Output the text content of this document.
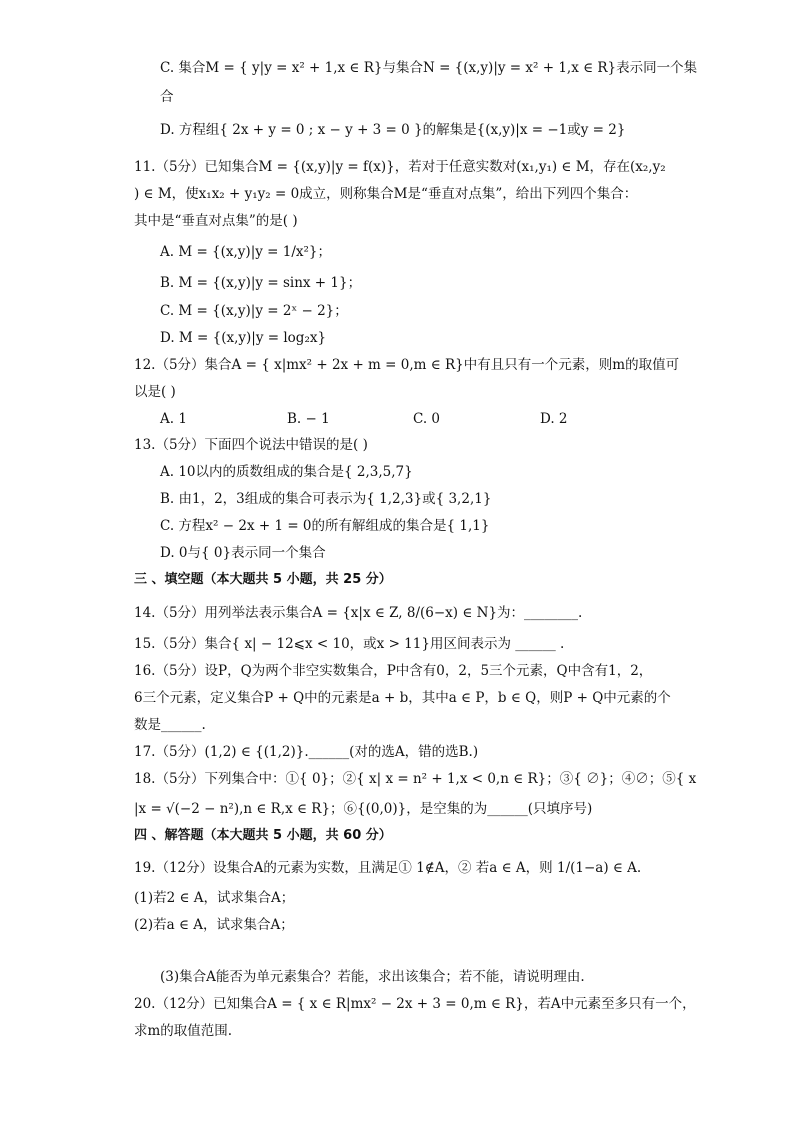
C. 集合M = { y|y = x² + 1,x ∈ R}与集合N = {(x,y)|y = x² + 1,x ∈ R}表示同一个集
合
D. 方程组{ 2x + y = 0 ; x − y + 3 = 0 }的解集是{(x,y)|x = −1或y = 2}
11.（5分）已知集合M = {(x,y)|y = f(x)}，若对于任意实数对(x₁,y₁) ∈ M，存在(x₂,y₂
) ∈ M，使x₁x₂ + y₁y₂ = 0成立，则称集合M是“垂直对点集”，给出下列四个集合：
其中是“垂直对点集”的是( )
A. M = {(x,y)|y = 1/x²}；
B. M = {(x,y)|y = sinx + 1}；
C. M = {(x,y)|y = 2ˣ − 2}；
D. M = {(x,y)|y = log₂x}
12.（5分）集合A = { x|mx² + 2x + m = 0,m ∈ R}中有且只有一个元素，则m的取值可
以是( )
13.（5分）下面四个说法中错误的是( )
A. 10以内的质数组成的集合是{ 2,3,5,7}
B. 由1，2，3组成的集合可表示为{ 1,2,3}或{ 3,2,1}
C. 方程x² − 2x + 1 = 0的所有解组成的集合是{ 1,1}
D. 0与{ 0}表示同一个集合
14.（5分）用列举法表示集合A = {x|x ∈ Z, 8/(6−x) ∈ N}为：________.
15.（5分）集合{ x| − 12⩽x < 10，或x > 11}用区间表示为 ______ .
16.（5分）设P，Q为两个非空实数集合，P中含有0，2，5三个元素，Q中含有1，2，
6三个元素，定义集合P + Q中的元素是a + b，其中a ∈ P，b ∈ Q，则P + Q中元素的个
数是______.
17.（5分）(1,2) ∈ {(1,2)}.______(对的选A，错的选B.)
18.（5分）下列集合中：①{ 0}；②{ x| x = n² + 1,x < 0,n ∈ R}；③{ ∅}；④∅；⑤{ x
|x = √(−2 − n²),n ∈ R,x ∈ R}；⑥{(0,0)}，是空集的为______(只填序号)
19.（12分）设集合A的元素为实数，且满足① 1∉A，② 若a ∈ A，则 1/(1−a) ∈ A.
(1)若2 ∈ A，试求集合A；
(2)若a ∈ A，试求集合A；
(3)集合A能否为单元素集合？若能，求出该集合；若不能，请说明理由.
20.（12分）已知集合A = { x ∈ R|mx² − 2x + 3 = 0,m ∈ R}，若A中元素至多只有一个，
求m的取值范围.
三 、填空题（本大题共 5 小题，共 25 分）
四 、解答题（本大题共 5 小题，共 60 分）
A. 1	B. − 1	C. 0	D. 2
